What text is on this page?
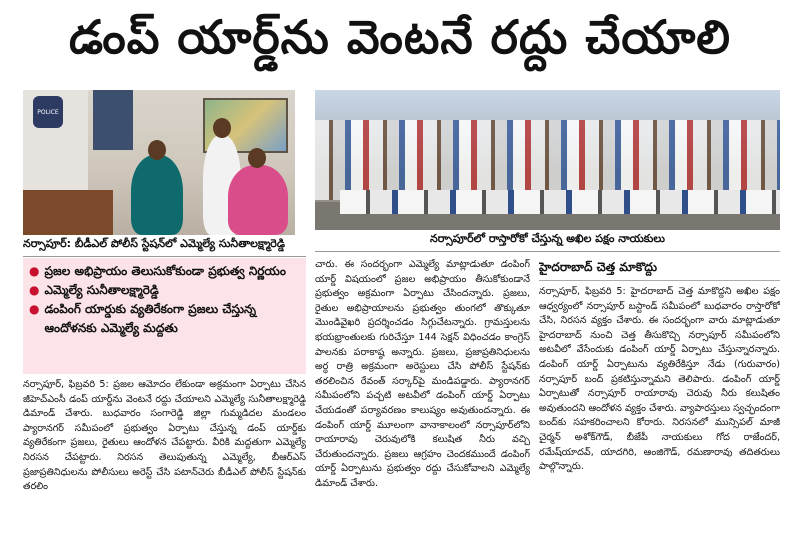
డంప్ యార్డ్‌ను వెంటనే రద్దు చేయాలి
POLICE
నర్సాపూర్: బీడీఎల్ పోలీస్ స్టేషన్‌లో ఎమ్మెల్యే సునీతాలక్ష్మారెడ్డి	నర్సాపూర్‌లో రాస్తారోకో చేస్తున్న అఖిల పక్షం నాయకులు
● ప్రజల అభిప్రాయం తెలుసుకోకుండా ప్రభుత్వ నిర్ణయం
● ఎమ్మెల్యే సునీతాలక్ష్మారెడ్డి
● డంపింగ్ యార్డుకు వ్యతిరేకంగా ప్రజలు చేస్తున్న ఆందోళనకు ఎమ్మెల్యే మద్దతు

నర్సాపూర్, ఫిబ్రవరి 5: ప్రజల ఆమోదం లేకుండా అక్రమంగా ఏర్పాటు చేసిన జీహెచ్ఎంసీ డంప్ యార్డ్‌ను వెంటనే రద్దు చేయాలని ఎమ్మెల్యే సునీతాలక్ష్మారెడ్డి డిమాండ్ చేశారు. బుధవారం సంగారెడ్డి జిల్లా గుమ్మడిదల మండలం ప్యారానగర్ సమీపంలో ప్రభుత్వం ఏర్పాటు చేస్తున్న డంప్ యార్డ్‌కు వ్యతిరేకంగా ప్రజలు, రైతులు ఆందోళన చేపట్టారు. వీరికి మద్దతుగా ఎమ్మెల్యే నిరసన చేపట్టారు. నిరసన తెలుపుతున్న ఎమ్మెల్యే, బీఆర్ఎస్ ప్రజాప్రతినిధులను పోలీసులు అరెస్ట్ చేసి పటాన్‌చెరు బీడీఎల్ పోలీస్ స్టేషన్‌కు తరలిం

చారు. ఈ సందర్భంగా ఎమ్మెల్యే మాట్లాడుతూ డంపింగ్ యార్డ్ విషయంలో ప్రజల అభిప్రాయం తీసుకోకుండానే ప్రభుత్వం అక్రమంగా ఏర్పాటు చేసిందన్నారు. ప్రజలు, రైతుల అభిప్రాయాలను ప్రభుత్వం తుంగలో తొక్కుతూ మొండివైఖరి ప్రదర్శించడం సిగ్గుచేటన్నారు. గ్రామస్తులను భయభ్రాంతులకు గురిచేస్తూ 144 సెక్షన్ విధించడం కాంగ్రెస్ పాలనకు పరాకాష్ఠ అన్నారు. ప్రజలు, ప్రజాప్రతినిధులను అర్ధ రాత్రి అక్రమంగా అరెస్టులు చేసి పోలీస్ స్టేషన్‌కు తరలించిన రేవంత్ సర్కార్‌పై మండిపడ్డారు. ప్యారానగర్ సమీపంలోని పచ్చటి అటవీలో డంపింగ్ యార్డ్ ఏర్పాటు చేయడంతో పర్యావరణం కాలుష్యం అవుతుందన్నారు. ఈ డంపింగ్ యార్డ్ మూలంగా వానాకాలంలో నర్సాపూర్‌లోని రాయారావు చెరువులోకి కలుషిత నీరు వచ్చి చేరుతుందన్నారు. ప్రజలు ఆగ్రహం చెందకముందే డంపింగ్ యార్డ్ ఏర్పాటును ప్రభుత్వం రద్దు చేసుకోవాలని ఎమ్మెల్యే డిమాండ్ చేశారు.

హైదరాబాద్ చెత్త మాకొద్దు

నర్సాపూర్, ఫిబ్రవరి 5: హైదరాబాద్ చెత్త మాకొద్దని అఖిల పక్షం ఆధ్వర్యంలో నర్సాపూర్ బస్టాండ్ సమీపంలో బుధవారం రాస్తారోకో చేసి, నిరసన వ్యక్తం చేశారు. ఈ సందర్భంగా వారు మాట్లాడుతూ హైదరాబాద్ నుంచి చెత్త తీసుకొచ్చి నర్సాపూర్ సమీపంలోని అటవీలో వేసేందుకు డంపింగ్ యార్డ్ ఏర్పాటు చేస్తున్నారన్నారు. డంపింగ్ యార్డ్ ఏర్పాటును వ్యతిరేకిస్తూ నేడు (గురువారం) నర్సాపూర్ బంద్ ప్రకటిస్తున్నామని తెలిపారు. డంపింగ్ యార్డ్ ఏర్పాటుతో నర్సాపూర్ రాయారావు చెరువు నీరు కలుషితం అవుతుందని ఆందోళన వ్యక్తం చేశారు. వ్యాపారస్తులు స్వచ్ఛందంగా బంద్‌కు సహకరించాలని కోరారు. నిరసనలో మున్సిపల్ మాజీ చైర్మన్ అశోక్‌గౌడ్, బీజేపీ నాయకులు గోద రాజేందర్, రమేష్‌యాదవ్, యాదగిరి, ఆంజిగౌడ్, రమణారావు తదితరులు పాల్గొన్నారు.
